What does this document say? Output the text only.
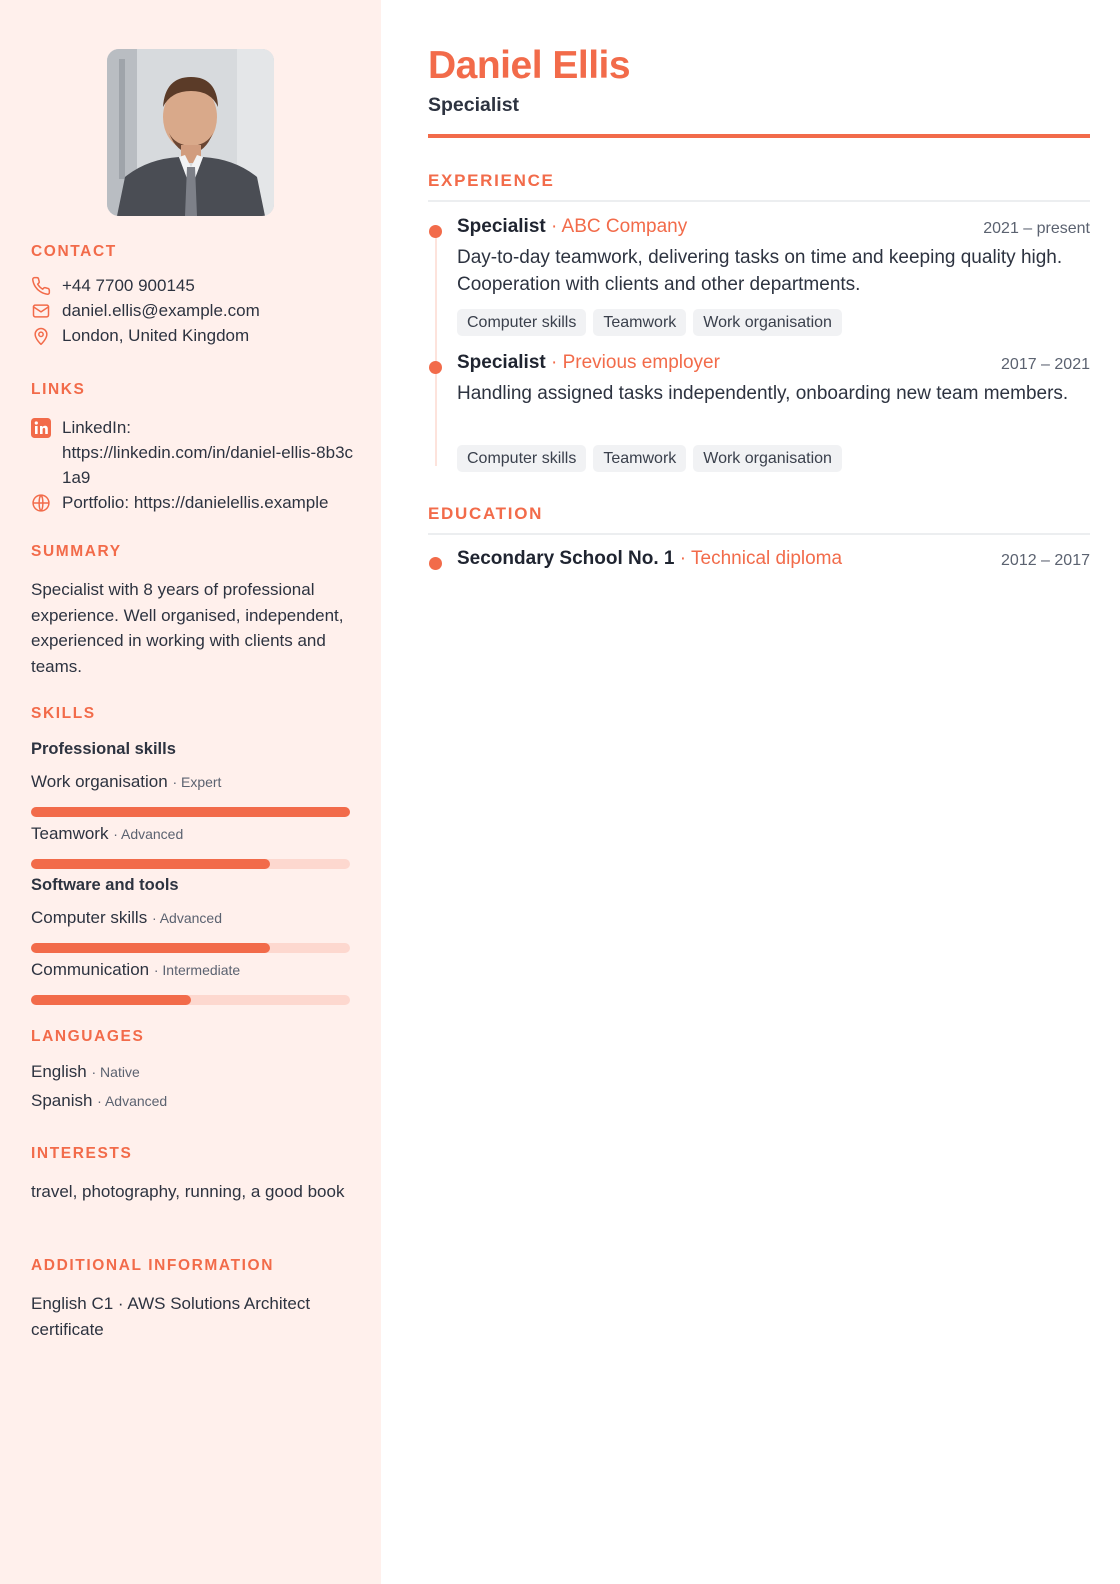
CONTACT
+44 7700 900145
daniel.ellis@example.com
London, United Kingdom
LINKS
LinkedIn:
https://linkedin.com/in/daniel-ellis-8b3c1a9
Portfolio: https://danielellis.example
SUMMARY
Specialist with 8 years of professional experience. Well organised, independent, experienced in working with clients and teams.
SKILLS
Professional skills
Work organisation · Expert
Teamwork · Advanced
Software and tools
Computer skills · Advanced
Communication · Intermediate
LANGUAGES
English · Native
Spanish · Advanced
INTERESTS
travel, photography, running, a good book
ADDITIONAL INFORMATION
English C1 · AWS Solutions Architect certificate
Daniel Ellis
Specialist
EXPERIENCE
Specialist · ABC Company	2021 – present
Day-to-day teamwork, delivering tasks on time and keeping quality high. Cooperation with clients and other departments.
Computer skills	Teamwork	Work organisation
Specialist · Previous employer	2017 – 2021
Handling assigned tasks independently, onboarding new team members.
Computer skills	Teamwork	Work organisation
EDUCATION
Secondary School No. 1 · Technical diploma	2012 – 2017
